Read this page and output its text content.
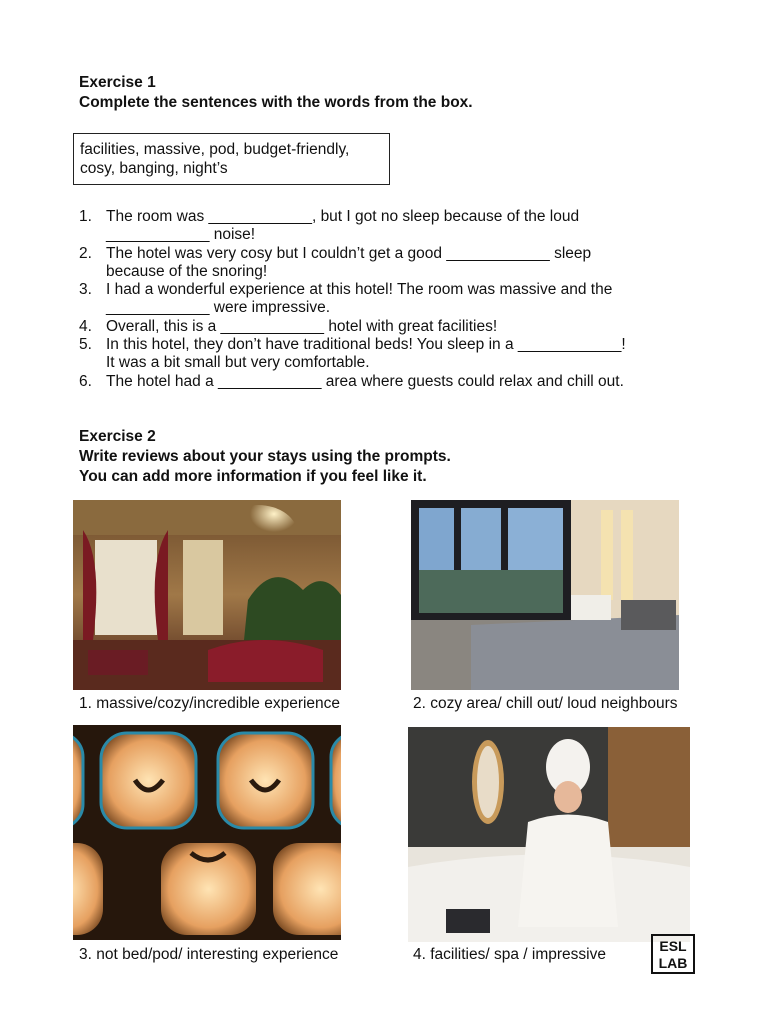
Exercise 1
Complete the sentences with the words from the box.
facilities, massive, pod, budget-friendly,
cosy, banging, night’s
1. The room was ____________, but I got no sleep because of the loud
____________ noise!
2. The hotel was very cosy but I couldn’t get a good ____________ sleep
because of the snoring!
3. I had a wonderful experience at this hotel! The room was massive and the
____________ were impressive.
4. Overall, this is a ____________ hotel with great facilities!
5. In this hotel, they don’t have traditional beds! You sleep in a ____________!
It was a bit small but very comfortable.
6. The hotel had a ____________ area where guests could relax and chill out.
Exercise 2
Write reviews about your stays using the prompts.
You can add more information if you feel like it.
1. massive/cozy/incredible experience	2. cozy area/ chill out/ loud neighbours
3. not bed/pod/ interesting experience	4. facilities/ spa / impressive	ESL
LAB
